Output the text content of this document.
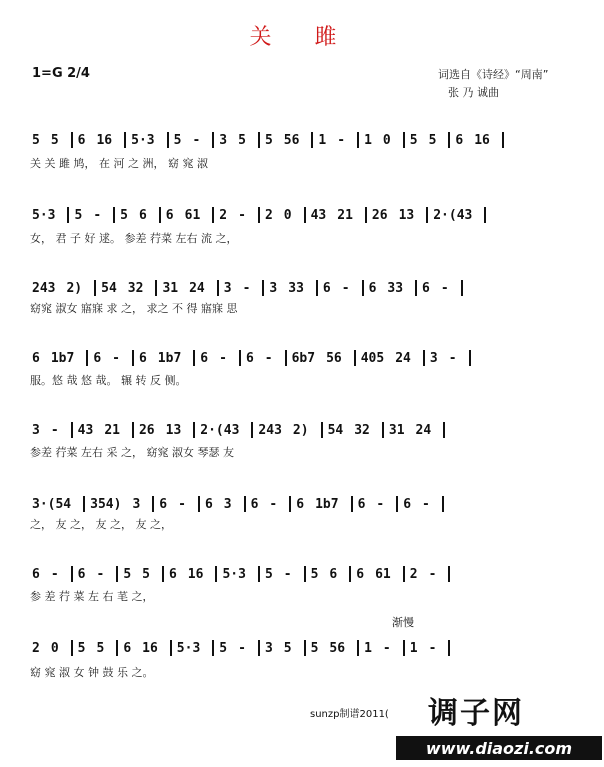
关 雎
1=G 2/4	词选自《诗经》“周南”
张 乃 诚曲
5 5 6 16 5·3 5 - 3 5 5 56 1 - 1 0 5 5 6 16
关 关 雎 鸠， 在 河 之 洲， 窈 窕 淑
5·3 5 - 5 6 6 61 2 - 2 0 43 21 26 13 2·(43
女， 君 子 好 逑。 参差 荇菜 左右 流 之，
243 2) 54 32 31 24 3 - 3 33 6 - 6 33 6 -
窈窕 淑女 寤寐 求 之， 求之 不 得 寤寐 思
6 1b7 6 - 6 1b7 6 - 6 - 6b7 56 405 24 3 -
服。悠 哉 悠 哉。 辗 转 反 侧。
3 - 43 21 26 13 2·(43 243 2) 54 32 31 24
参差 荇菜 左右 采 之， 窈窕 淑女 琴瑟 友
3·(54 354) 3 6 - 6 3 6 - 6 1b7 6 - 6 -
之， 友 之， 友 之， 友 之，
6 - 6 - 5 5 6 16 5·3 5 - 5 6 6 61 2 -
参 差 荇 菜 左 右 芼 之，
渐慢
2 0 5 5 6 16 5·3 5 - 3 5 5 56 1 - 1 -
窈 窕 淑 女 钟 鼓 乐 之。
sunzp制谱2011( 调子网
www.diaozi.com
